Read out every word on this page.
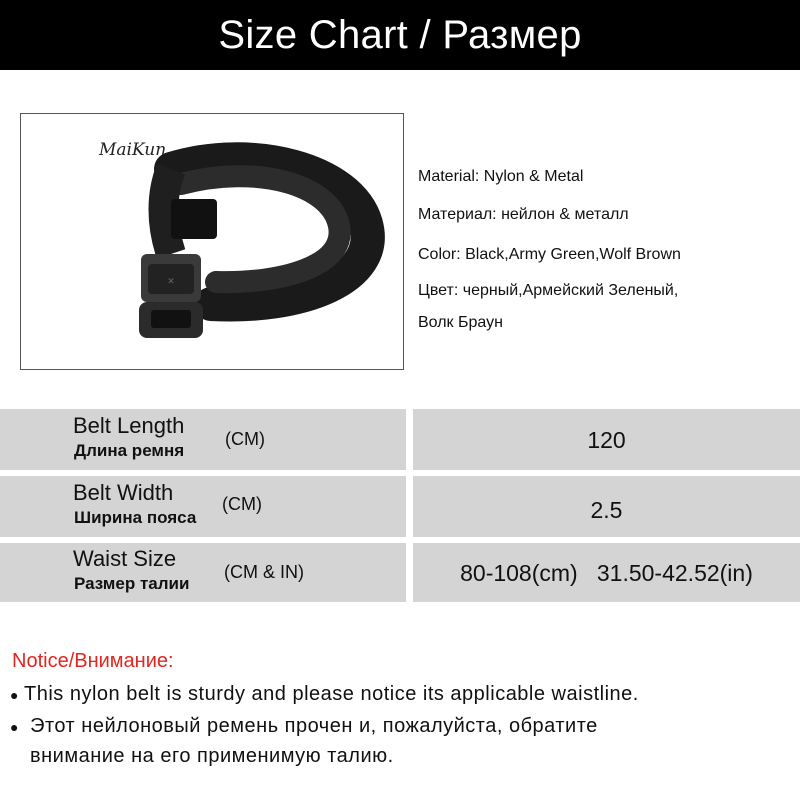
Size Chart / Размер
✕
MaiKun
Material: Nylon & Metal
Материал: нейлон & металл
Color: Black,Army Green,Wolf Brown
Цвет: черный,Армейский Зеленый,
Волк Браун
Belt Length
Длина ремня
(CM)	120
Belt Width
Ширина пояса
(CM)	2.5
Waist Size
Размер талии
(CM & IN)	80-108(cm)   31.50-42.52(in)
Notice/Внимание:
● This nylon belt is sturdy and please notice its applicable waistline.
● Этот нейлоновый ремень прочен и, пожалуйста, обратите
внимание на его применимую талию.
